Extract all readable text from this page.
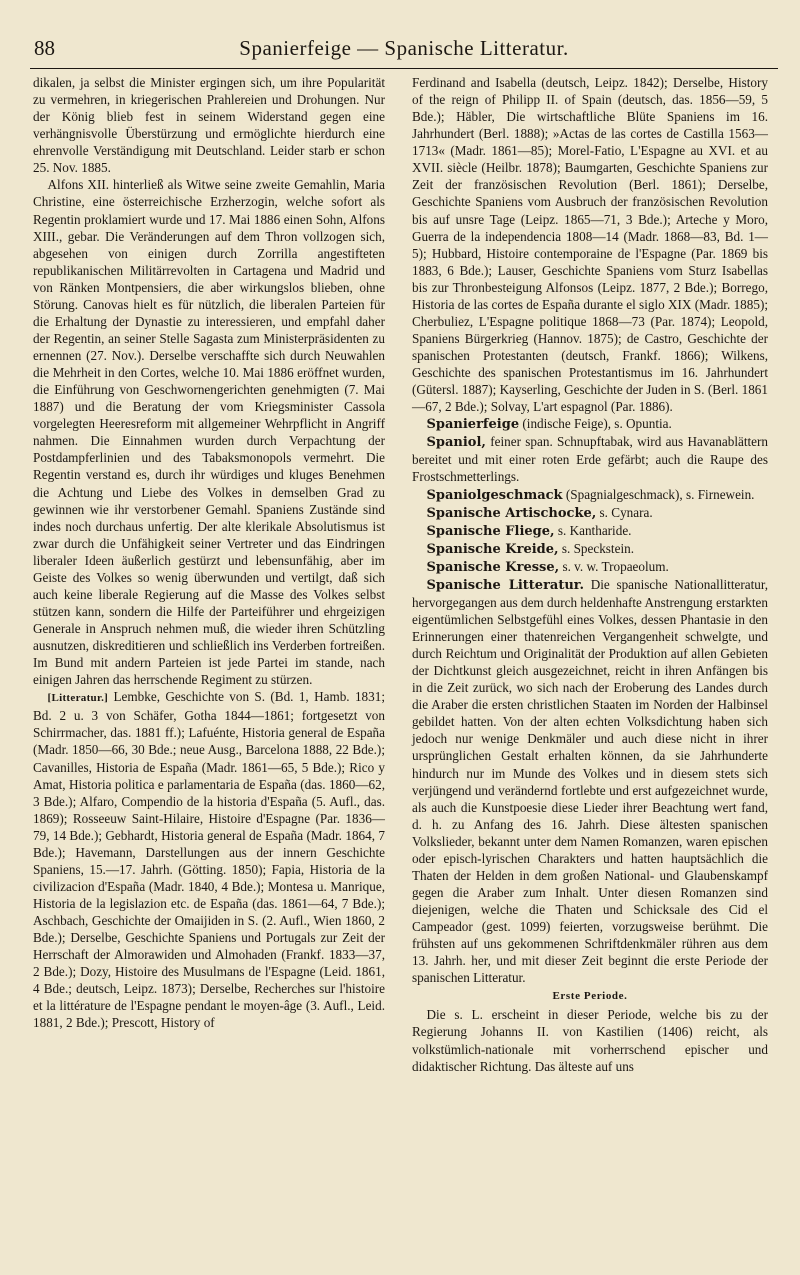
88	Spanierfeige — Spanische Litteratur.

dikalen, ja selbst die Minister ergingen sich, um ihre Popularität zu vermehren, in kriegerischen Prahlereien und Drohungen. Nur der König blieb fest in seinem Widerstand gegen eine verhängnisvolle Überstürzung und ermöglichte hierdurch eine ehrenvolle Verständigung mit Deutschland. Leider starb er schon 25. Nov. 1885.

Alfons XII. hinterließ als Witwe seine zweite Gemahlin, Maria Christine, eine österreichische Erzherzogin, welche sofort als Regentin proklamiert wurde und 17. Mai 1886 einen Sohn, Alfons XIII., gebar. Die Veränderungen auf dem Thron vollzogen sich, abgesehen von einigen durch Zorrilla angestifteten republikanischen Militärrevolten in Cartagena und Madrid und von Ränken Montpensiers, die aber wirkungslos blieben, ohne Störung. Canovas hielt es für nützlich, die liberalen Parteien für die Erhaltung der Dynastie zu interessieren, und empfahl daher der Regentin, an seiner Stelle Sagasta zum Ministerpräsidenten zu ernennen (27. Nov.). Derselbe verschaffte sich durch Neuwahlen die Mehrheit in den Cortes, welche 10. Mai 1886 eröffnet wurden, die Einführung von Geschwornengerichten genehmigten (7. Mai 1887) und die Beratung der vom Kriegsminister Cassola vorgelegten Heeresreform mit allgemeiner Wehrpflicht in Angriff nahmen. Die Einnahmen wurden durch Verpachtung der Postdampferlinien und des Tabaksmonopols vermehrt. Die Regentin verstand es, durch ihr würdiges und kluges Benehmen die Achtung und Liebe des Volkes in demselben Grad zu gewinnen wie ihr verstorbener Gemahl. Spaniens Zustände sind indes noch durchaus unfertig. Der alte klerikale Absolutismus ist zwar durch die Unfähigkeit seiner Vertreter und das Eindringen liberaler Ideen äußerlich gestürzt und lebensunfähig, aber im Geiste des Volkes so wenig überwunden und vertilgt, daß sich auch keine liberale Regierung auf die Masse des Volkes selbst stützen kann, sondern die Hilfe der Parteiführer und ehrgeizigen Generale in Anspruch nehmen muß, die wieder ihren Schützling ausnutzen, diskreditieren und schließlich ins Verderben fortreißen. Im Bund mit andern Parteien ist jede Partei im stande, nach einigen Jahren das herrschende Regiment zu stürzen.

[Litteratur.] Lembke, Geschichte von S. (Bd. 1, Hamb. 1831; Bd. 2 u. 3 von Schäfer, Gotha 1844—1861; fortgesetzt von Schirrmacher, das. 1881 ff.); Lafuénte, Historia general de España (Madr. 1850—66, 30 Bde.; neue Ausg., Barcelona 1888, 22 Bde.); Cavanilles, Historia de España (Madr. 1861—65, 5 Bde.); Rico y Amat, Historia politica e parlamentaria de España (das. 1860—62, 3 Bde.); Alfaro, Compendio de la historia d'España (5. Aufl., das. 1869); Rosseeuw Saint-Hilaire, Histoire d'Espagne (Par. 1836—79, 14 Bde.); Gebhardt, Historia general de España (Madr. 1864, 7 Bde.); Havemann, Darstellungen aus der innern Geschichte Spaniens, 15.—17. Jahrh. (Götting. 1850); Fapia, Historia de la civilizacion d'España (Madr. 1840, 4 Bde.); Montesa u. Manrique, Historia de la legislazion etc. de España (das. 1861—64, 7 Bde.); Aschbach, Geschichte der Omaijiden in S. (2. Aufl., Wien 1860, 2 Bde.); Derselbe, Geschichte Spaniens und Portugals zur Zeit der Herrschaft der Almorawiden und Almohaden (Frankf. 1833—37, 2 Bde.); Dozy, Histoire des Musulmans de l'Espagne (Leid. 1861, 4 Bde.; deutsch, Leipz. 1873); Derselbe, Recherches sur l'histoire et la littérature de l'Espagne pendant le moyen-âge (3. Aufl., Leid. 1881, 2 Bde.); Prescott, History of

Ferdinand and Isabella (deutsch, Leipz. 1842); Derselbe, History of the reign of Philipp II. of Spain (deutsch, das. 1856—59, 5 Bde.); Häbler, Die wirtschaftliche Blüte Spaniens im 16. Jahrhundert (Berl. 1888); »Actas de las cortes de Castilla 1563—1713« (Madr. 1861—85); Morel-Fatio, L'Espagne au XVI. et au XVII. siècle (Heilbr. 1878); Baumgarten, Geschichte Spaniens zur Zeit der französischen Revolution (Berl. 1861); Derselbe, Geschichte Spaniens vom Ausbruch der französischen Revolution bis auf unsre Tage (Leipz. 1865—71, 3 Bde.); Arteche y Moro, Guerra de la independencia 1808—14 (Madr. 1868—83, Bd. 1—5); Hubbard, Histoire contemporaine de l'Espagne (Par. 1869 bis 1883, 6 Bde.); Lauser, Geschichte Spaniens vom Sturz Isabellas bis zur Thronbesteigung Alfonsos (Leipz. 1877, 2 Bde.); Borrego, Historia de las cortes de España durante el siglo XIX (Madr. 1885); Cherbuliez, L'Espagne politique 1868—73 (Par. 1874); Leopold, Spaniens Bürgerkrieg (Hannov. 1875); de Castro, Geschichte der spanischen Protestanten (deutsch, Frankf. 1866); Wilkens, Geschichte des spanischen Protestantismus im 16. Jahrhundert (Gütersl. 1887); Kayserling, Geschichte der Juden in S. (Berl. 1861—67, 2 Bde.); Solvay, L'art espagnol (Par. 1886).

Spanierfeige (indische Feige), s. Opuntia.

Spaniol, feiner span. Schnupftabak, wird aus Havanablättern bereitet und mit einer roten Erde gefärbt; auch die Raupe des Frostschmetterlings.

Spaniolgeschmack (Spagnialgeschmack), s. Firnewein.

Spanische Artischocke, s. Cynara.

Spanische Fliege, s. Kantharide.

Spanische Kreide, s. Speckstein.

Spanische Kresse, s. v. w. Tropaeolum.

Spanische Litteratur. Die spanische Nationallitteratur, hervorgegangen aus dem durch heldenhafte Anstrengung erstarkten eigentümlichen Selbstgefühl eines Volkes, dessen Phantasie in den Erinnerungen einer thatenreichen Vergangenheit schwelgte, und durch Reichtum und Originalität der Produktion auf allen Gebieten der Dichtkunst gleich ausgezeichnet, reicht in ihren Anfängen bis in die Zeit zurück, wo sich nach der Eroberung des Landes durch die Araber die ersten christlichen Staaten im Norden der Halbinsel gebildet hatten. Von der alten echten Volksdichtung haben sich jedoch nur wenige Denkmäler und auch diese nicht in ihrer ursprünglichen Gestalt erhalten können, da sie Jahrhunderte hindurch nur im Munde des Volkes und in diesem stets sich verjüngend und verändernd fortlebte und erst aufgezeichnet wurde, als auch die Kunstpoesie diese Lieder ihrer Beachtung wert fand, d. h. zu Anfang des 16. Jahrh. Diese ältesten spanischen Volkslieder, bekannt unter dem Namen Romanzen, waren epischen oder episch-lyrischen Charakters und hatten hauptsächlich die Thaten der Helden in dem großen National- und Glaubenskampf gegen die Araber zum Inhalt. Unter diesen Romanzen sind diejenigen, welche die Thaten und Schicksale des Cid el Campeador (gest. 1099) feierten, vorzugsweise berühmt. Die frühsten auf uns gekommenen Schriftdenkmäler rühren aus dem 13. Jahrh. her, und mit dieser Zeit beginnt die erste Periode der spanischen Litteratur.

Erste Periode.

Die s. L. erscheint in dieser Periode, welche bis zu der Regierung Johanns II. von Kastilien (1406) reicht, als volkstümlich-nationale mit vorherrschend epischer und didaktischer Richtung. Das älteste auf uns
